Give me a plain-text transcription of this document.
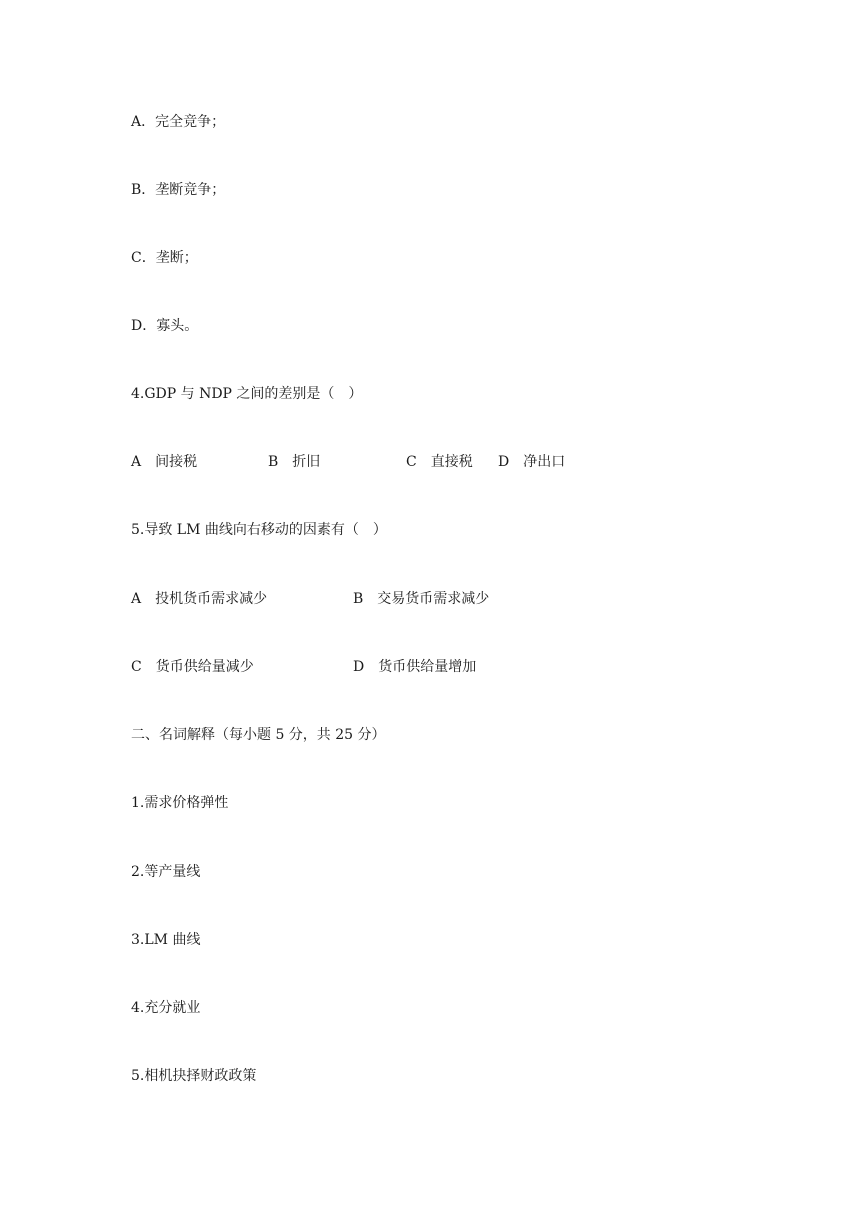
A．完全竞争；
B．垄断竞争；
C．垄断；
D．寡头。
4.GDP 与 NDP 之间的差别是（　）
A　间接税	B　折旧	C　直接税 D　净出口
5.导致 LM 曲线向右移动的因素有（　）
A　投机货币需求减少	B　交易货币需求减少
C　货币供给量减少	D　货币供给量增加
二、名词解释（每小题 5 分，共 25 分）
1.需求价格弹性
2.等产量线
3.LM 曲线
4.充分就业
5.相机抉择财政政策
